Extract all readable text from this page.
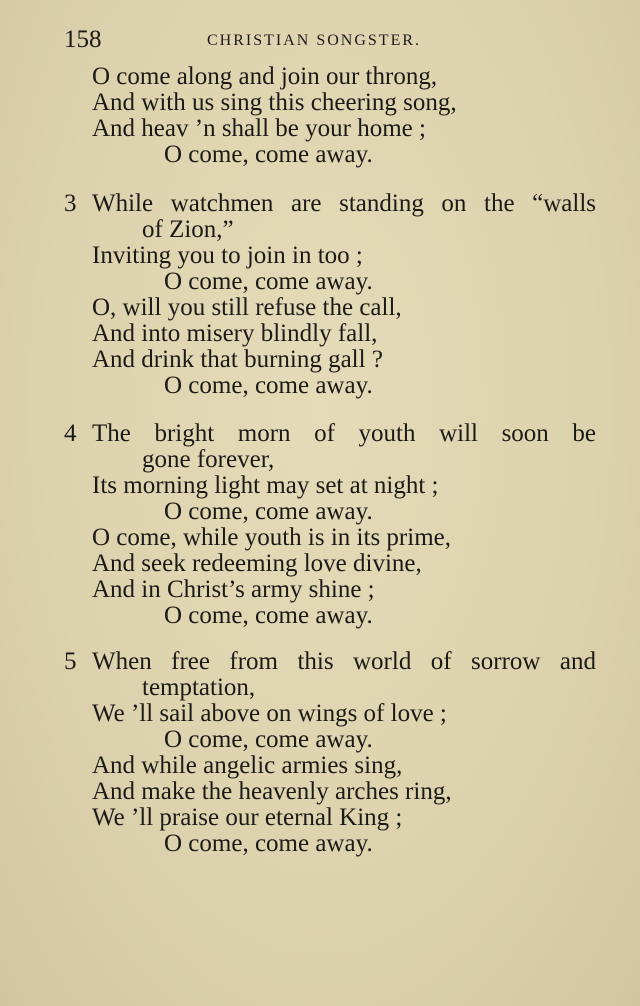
158	CHRISTIAN SONGSTER.
O come along and join our throng,
And with us sing this cheering song,
And heav ’n shall be your home ;
O come, come away.
3 While watchmen are standing on the “walls
of Zion,”
Inviting you to join in too ;
O come, come away.
O, will you still refuse the call,
And into misery blindly fall,
And drink that burning gall ?
O come, come away.
4 The bright morn of youth will soon be
gone forever,
Its morning light may set at night ;
O come, come away.
O come, while youth is in its prime,
And seek redeeming love divine,
And in Christ’s army shine ;
O come, come away.
5 When free from this world of sorrow and
temptation,
We ’ll sail above on wings of love ;
O come, come away.
And while angelic armies sing,
And make the heavenly arches ring,
We ’ll praise our eternal King ;
O come, come away.
